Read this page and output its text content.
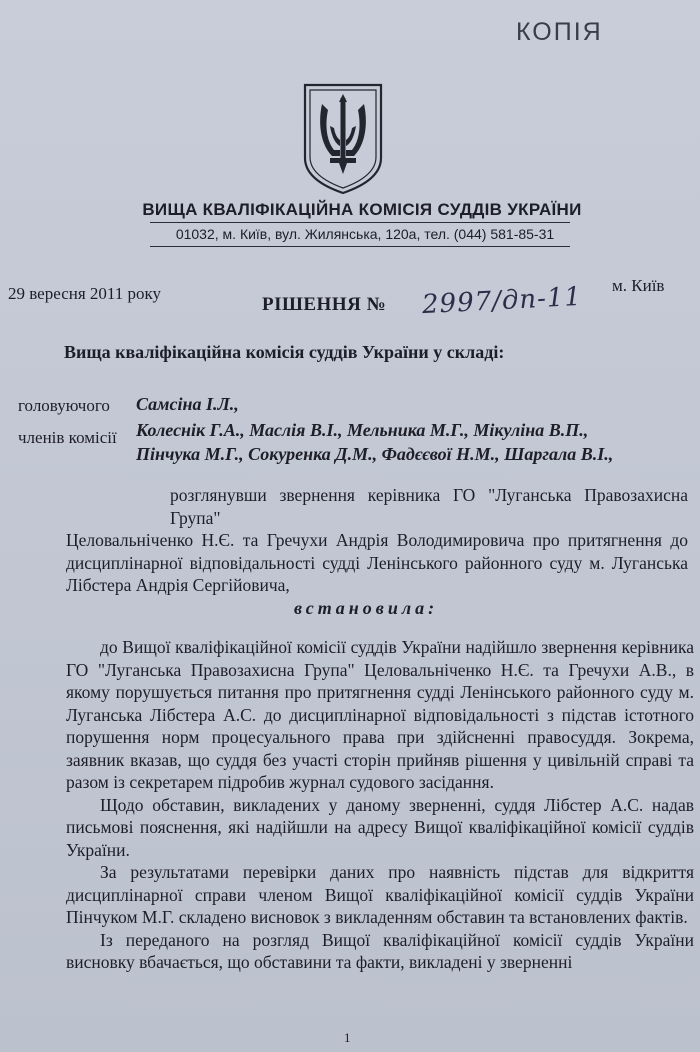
КОПІЯ
ВИЩА КВАЛІФІКАЦІЙНА КОМІСІЯ СУДДІВ УКРАЇНИ
01032, м. Київ, вул. Жилянська, 120а, тел. (044) 581-85-31
29 вересня 2011 року	м. Київ
РІШЕННЯ № 2997/дп-11
Вища кваліфікаційна комісія суддів України у складі:
головуючого Самсіна І.Л.,
членів комісії Колеснік Г.А., Маслія В.І., Мельника М.Г., Мікуліна В.П.,
Пінчука М.Г., Сокуренка Д.М., Фадєєвої Н.М., Шаргала В.І.,
розглянувши звернення керівника ГО "Луганська Правозахисна Група"
Целовальніченко Н.Є. та Гречухи Андрія Володимировича про притягнення до дисциплінарної відповідальності судді Ленінського районного суду м. Луганська Лібстера Андрія Сергійовича,
встановила:

до Вищої кваліфікаційної комісії суддів України надійшло звернення керівника ГО "Луганська Правозахисна Група" Целовальніченко Н.Є. та Гречухи А.В., в якому порушується питання про притягнення судді Ленінського районного суду м. Луганська Лібстера А.С. до дисциплінарної відповідальності з підстав істотного порушення норм процесуального права при здійсненні правосуддя. Зокрема, заявник вказав, що суддя без участі сторін прийняв рішення у цивільній справі та разом із секретарем підробив журнал судового засідання.

Щодо обставин, викладених у даному зверненні, суддя Лібстер А.С. надав письмові пояснення, які надійшли на адресу Вищої кваліфікаційної комісії суддів України.

За результатами перевірки даних про наявність підстав для відкриття дисциплінарної справи членом Вищої кваліфікаційної комісії суддів України Пінчуком М.Г. складено висновок з викладенням обставин та встановлених фактів.

Із переданого на розгляд Вищої кваліфікаційної комісії суддів України висновку вбачається, що обставини та факти, викладені у зверненні

1
